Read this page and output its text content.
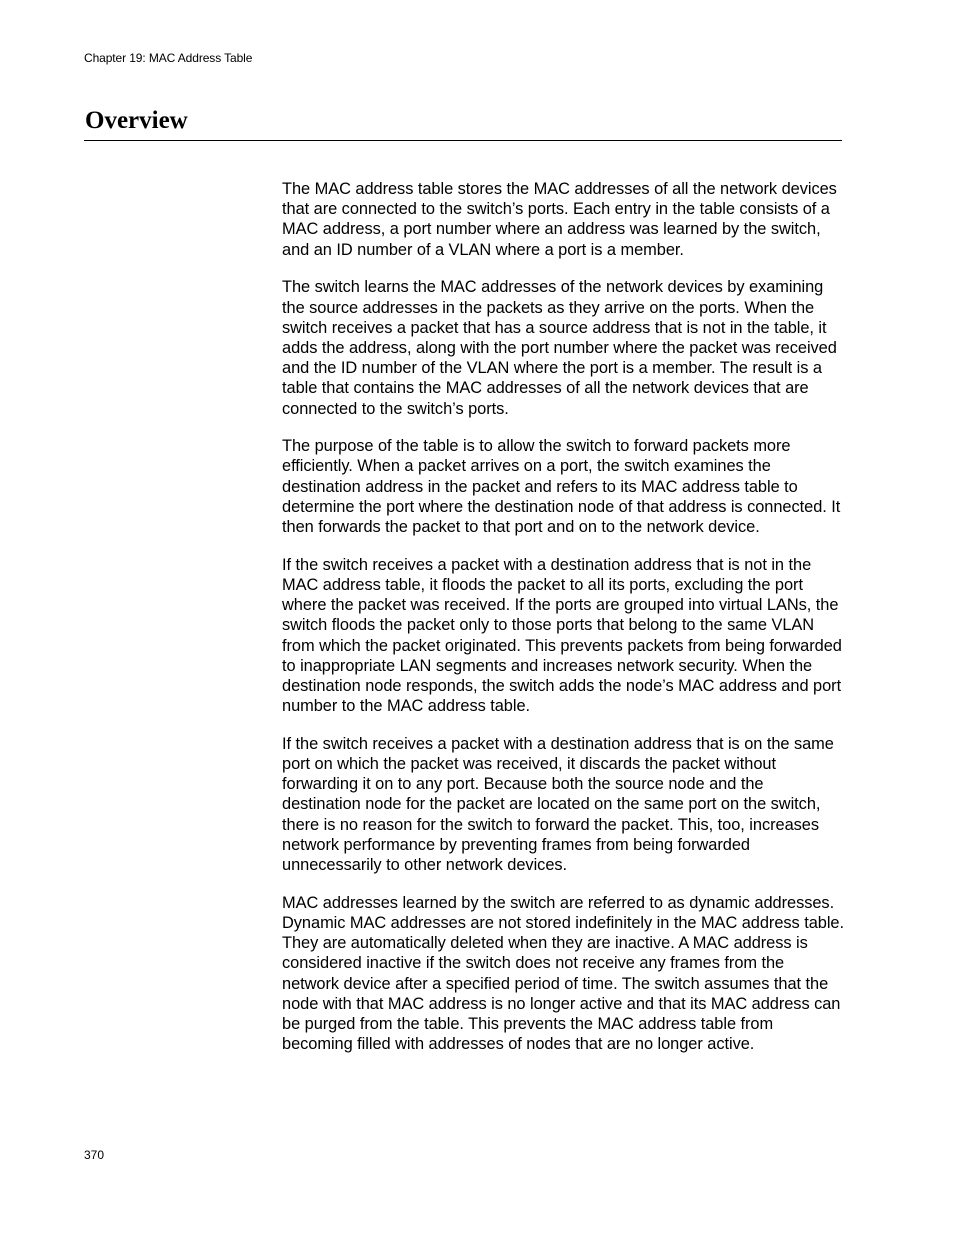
Chapter 19: MAC Address Table
Overview

The MAC address table stores the MAC addresses of all the network devices that are connected to the switch’s ports. Each entry in the table consists of a MAC address, a port number where an address was learned by the switch, and an ID number of a VLAN where a port is a member.

The switch learns the MAC addresses of the network devices by examining the source addresses in the packets as they arrive on the ports. When the switch receives a packet that has a source address that is not in the table, it adds the address, along with the port number where the packet was received and the ID number of the VLAN where the port is a member. The result is a table that contains the MAC addresses of all the network devices that are connected to the switch’s ports.

The purpose of the table is to allow the switch to forward packets more efficiently. When a packet arrives on a port, the switch examines the destination address in the packet and refers to its MAC address table to determine the port where the destination node of that address is connected. It then forwards the packet to that port and on to the network device.

If the switch receives a packet with a destination address that is not in the MAC address table, it floods the packet to all its ports, excluding the port where the packet was received. If the ports are grouped into virtual LANs, the switch floods the packet only to those ports that belong to the same VLAN from which the packet originated. This prevents packets from being forwarded to inappropriate LAN segments and increases network security. When the destination node responds, the switch adds the node’s MAC address and port number to the MAC address table.

If the switch receives a packet with a destination address that is on the same port on which the packet was received, it discards the packet without forwarding it on to any port. Because both the source node and the destination node for the packet are located on the same port on the switch, there is no reason for the switch to forward the packet. This, too, increases network performance by preventing frames from being forwarded unnecessarily to other network devices.

MAC addresses learned by the switch are referred to as dynamic addresses. Dynamic MAC addresses are not stored indefinitely in the MAC address table. They are automatically deleted when they are inactive. A MAC address is considered inactive if the switch does not receive any frames from the network device after a specified period of time. The switch assumes that the node with that MAC address is no longer active and that its MAC address can be purged from the table. This prevents the MAC address table from becoming filled with addresses of nodes that are no longer active.

370
